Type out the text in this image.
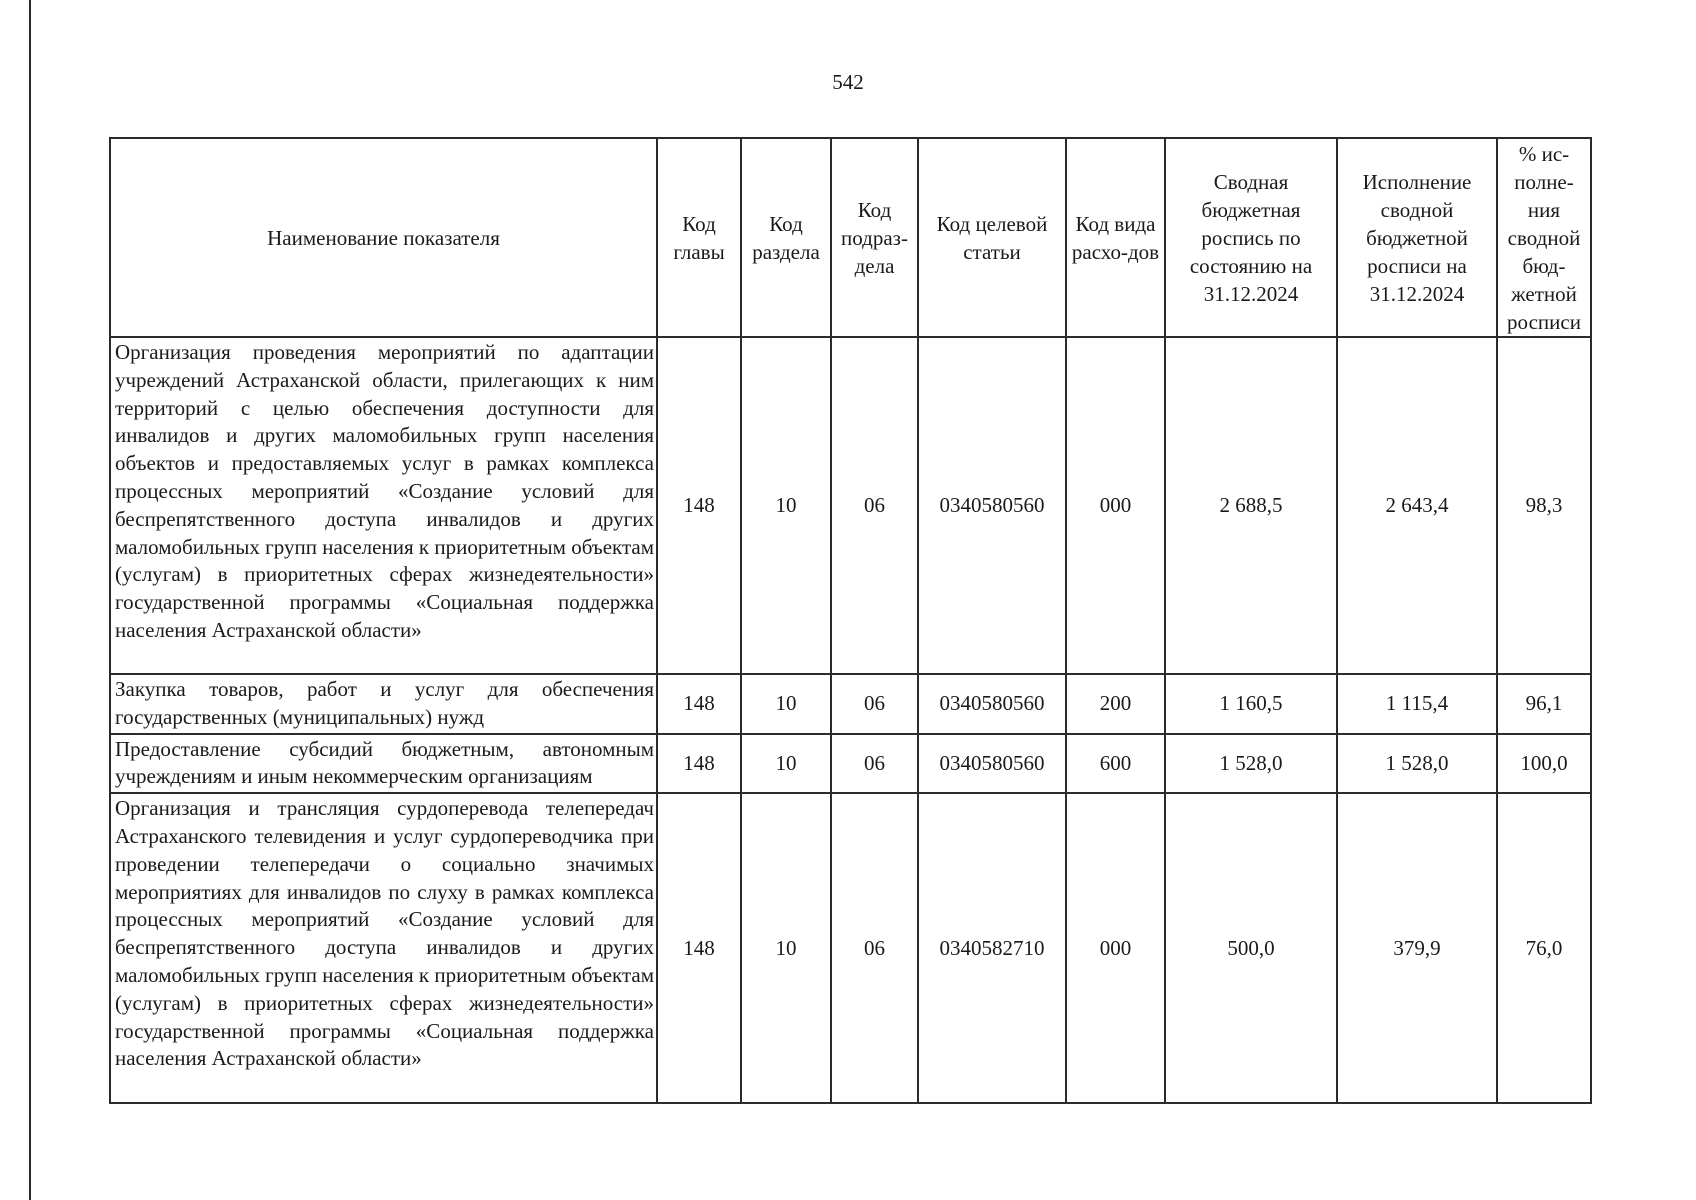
542
Наименование показателя	Код главы	Код раздела	Код подраз-дела	Код целевой статьи	Код вида расхо-дов	Сводная бюджетная роспись по состоянию на 31.12.2024	Исполнение сводной бюджетной росписи на 31.12.2024	% ис-полне-ния сводной бюд-жетной росписи
Организация проведения мероприятий по адаптации учреждений Астраханской области, прилегающих к ним территорий с целью обеспечения доступности для инвалидов и других маломобильных групп населения объектов и предоставляемых услуг в рамках комплекса процессных мероприятий «Создание условий для беспрепятственного доступа инвалидов и других маломобильных групп населения к приоритетным объектам (услугам) в приоритетных сферах жизнедеятельности» государственной программы «Социальная поддержка населения Астраханской области»	148	10	06	0340580560	000	2 688,5	2 643,4	98,3
Закупка товаров, работ и услуг для обеспечения государственных (муниципальных) нужд	148	10	06	0340580560	200	1 160,5	1 115,4	96,1
Предоставление субсидий бюджетным, автономным учреждениям и иным некоммерческим организациям	148	10	06	0340580560	600	1 528,0	1 528,0	100,0
Организация и трансляция сурдоперевода телепередач Астраханского телевидения и услуг сурдопереводчика при проведении телепередачи о социально значимых мероприятиях для инвалидов по слуху в рамках комплекса процессных мероприятий «Создание условий для беспрепятственного доступа инвалидов и других маломобильных групп населения к приоритетным объектам (услугам) в приоритетных сферах жизнедеятельности» государственной программы «Социальная поддержка населения Астраханской области»	148	10	06	0340582710	000	500,0	379,9	76,0
